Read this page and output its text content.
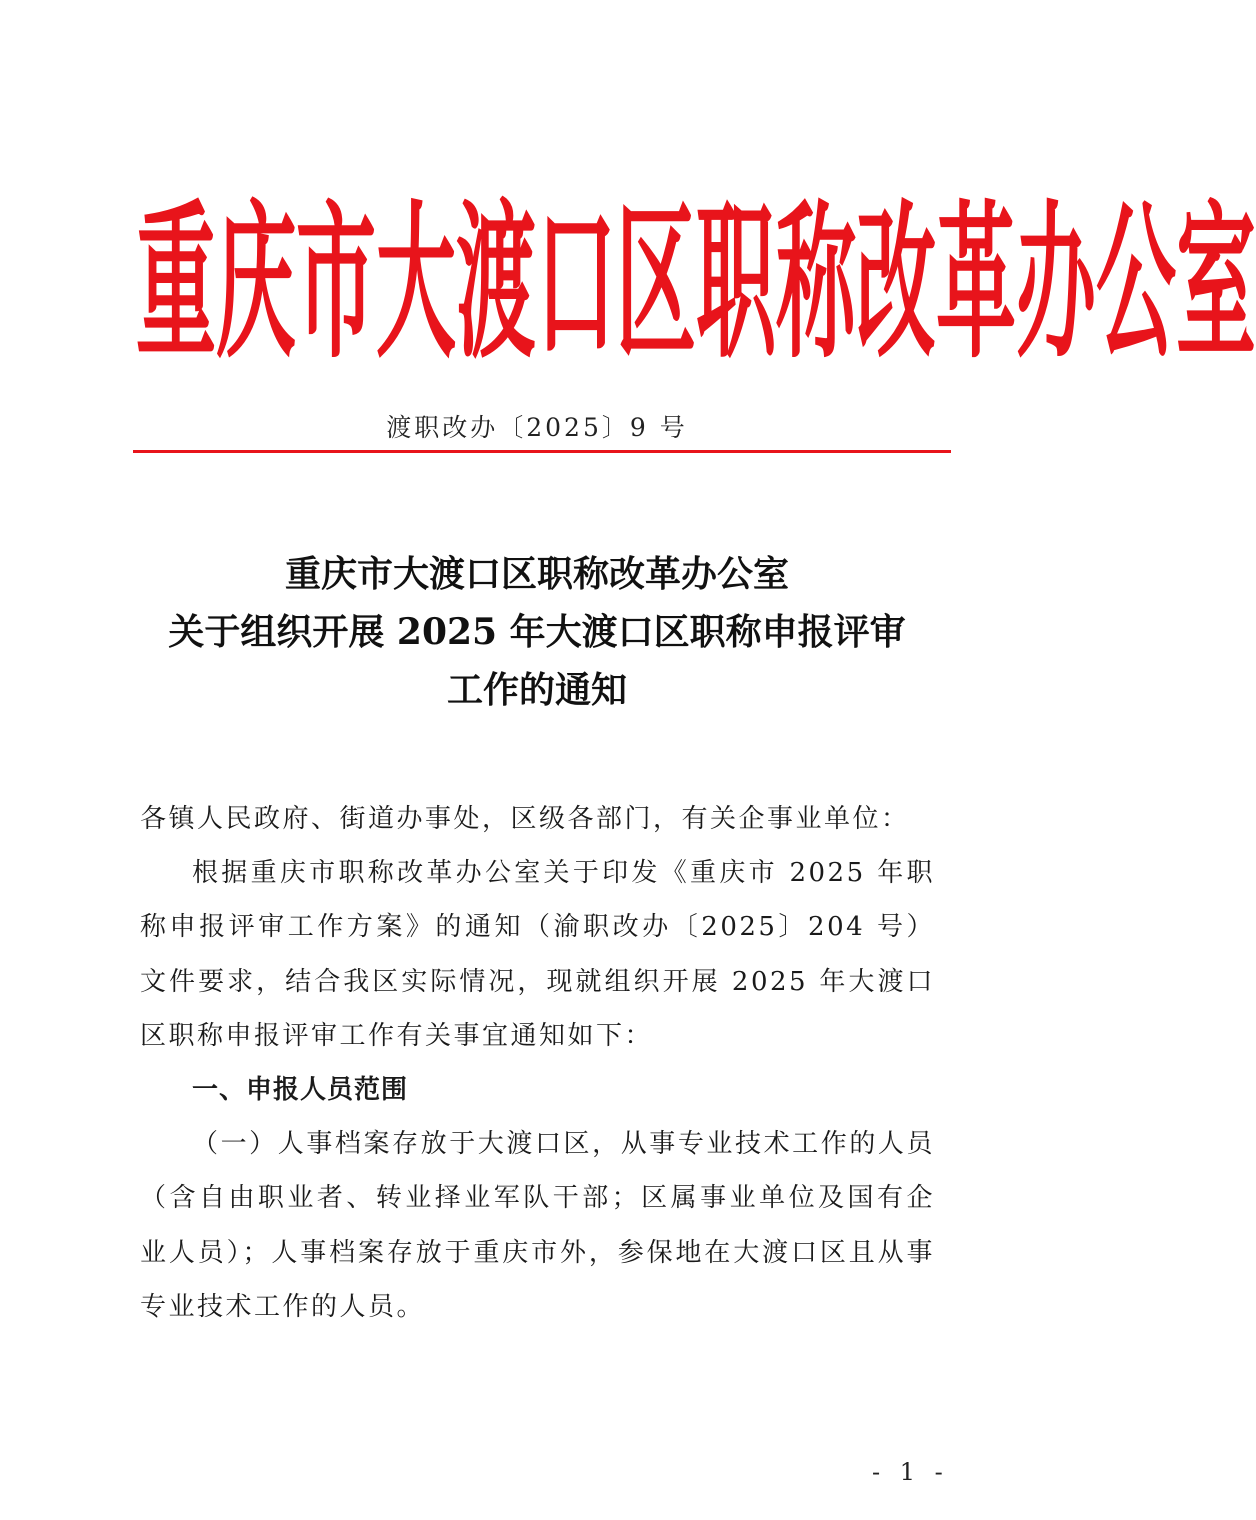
重 庆 市 大 渡 口 区 职 称 改 革 办 公 室
渡职改办〔2025〕9 号
重庆市大渡口区职称改革办公室
关于组织开展 2025 年大渡口区职称申报评审
工作的通知

各镇人民政府、街道办事处，区级各部门，有关企事业单位：

根据重庆市职称改革办公室关于印发《重庆市 2025 年职称申报评审工作方案》的通知（渝职改办〔2025〕204 号）文件要求，结合我区实际情况，现就组织开展 2025 年大渡口区职称申报评审工作有关事宜通知如下：

一、申报人员范围

（一）人事档案存放于大渡口区，从事专业技术工作的人员（含自由职业者、转业择业军队干部；区属事业单位及国有企业人员）；人事档案存放于重庆市外，参保地在大渡口区且从事专业技术工作的人员。

- 1 -
